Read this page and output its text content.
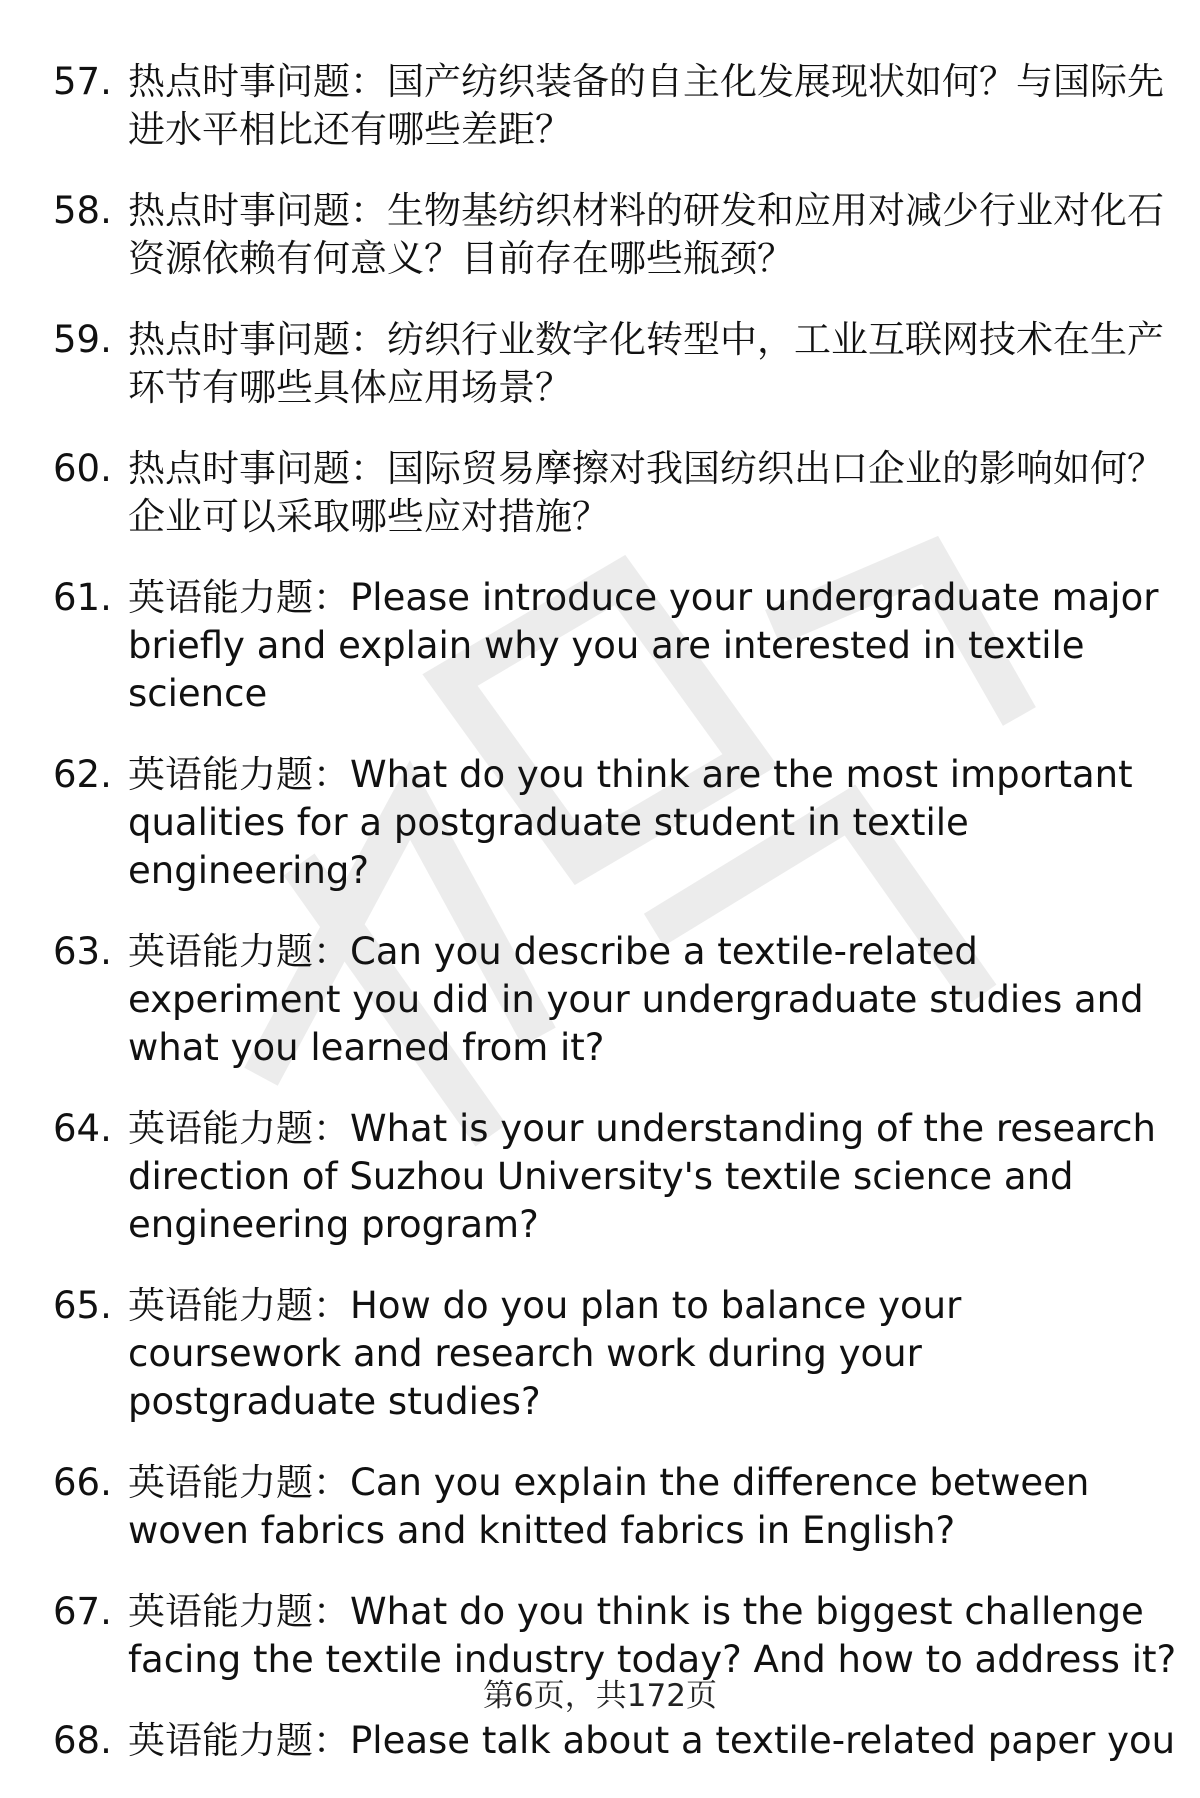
57. 热点时事问题：国产纺织装备的自主化发展现状如何？与国际先进水平相比还有哪些差距？
58. 热点时事问题：生物基纺织材料的研发和应用对减少行业对化石资源依赖有何意义？目前存在哪些瓶颈？
59. 热点时事问题：纺织行业数字化转型中，工业互联网技术在生产环节有哪些具体应用场景？
60. 热点时事问题：国际贸易摩擦对我国纺织出口企业的影响如何？企业可以采取哪些应对措施？
61. 英语能力题：Please introduce your undergraduate major briefly and explain why you are interested in textile science
62. 英语能力题：What do you think are the most important qualities for a postgraduate student in textile engineering?
63. 英语能力题：Can you describe a textile-related experiment you did in your undergraduate studies and what you learned from it?
64. 英语能力题：What is your understanding of the research direction of Suzhou University's textile science and engineering program?
65. 英语能力题：How do you plan to balance your coursework and research work during your postgraduate studies?
66. 英语能力题：Can you explain the difference between woven fabrics and knitted fabrics in English?
67. 英语能力题：What do you think is the biggest challenge facing the textile industry today? And how to address it?
68. 英语能力题：Please talk about a textile-related paper you
第6页，共172页
